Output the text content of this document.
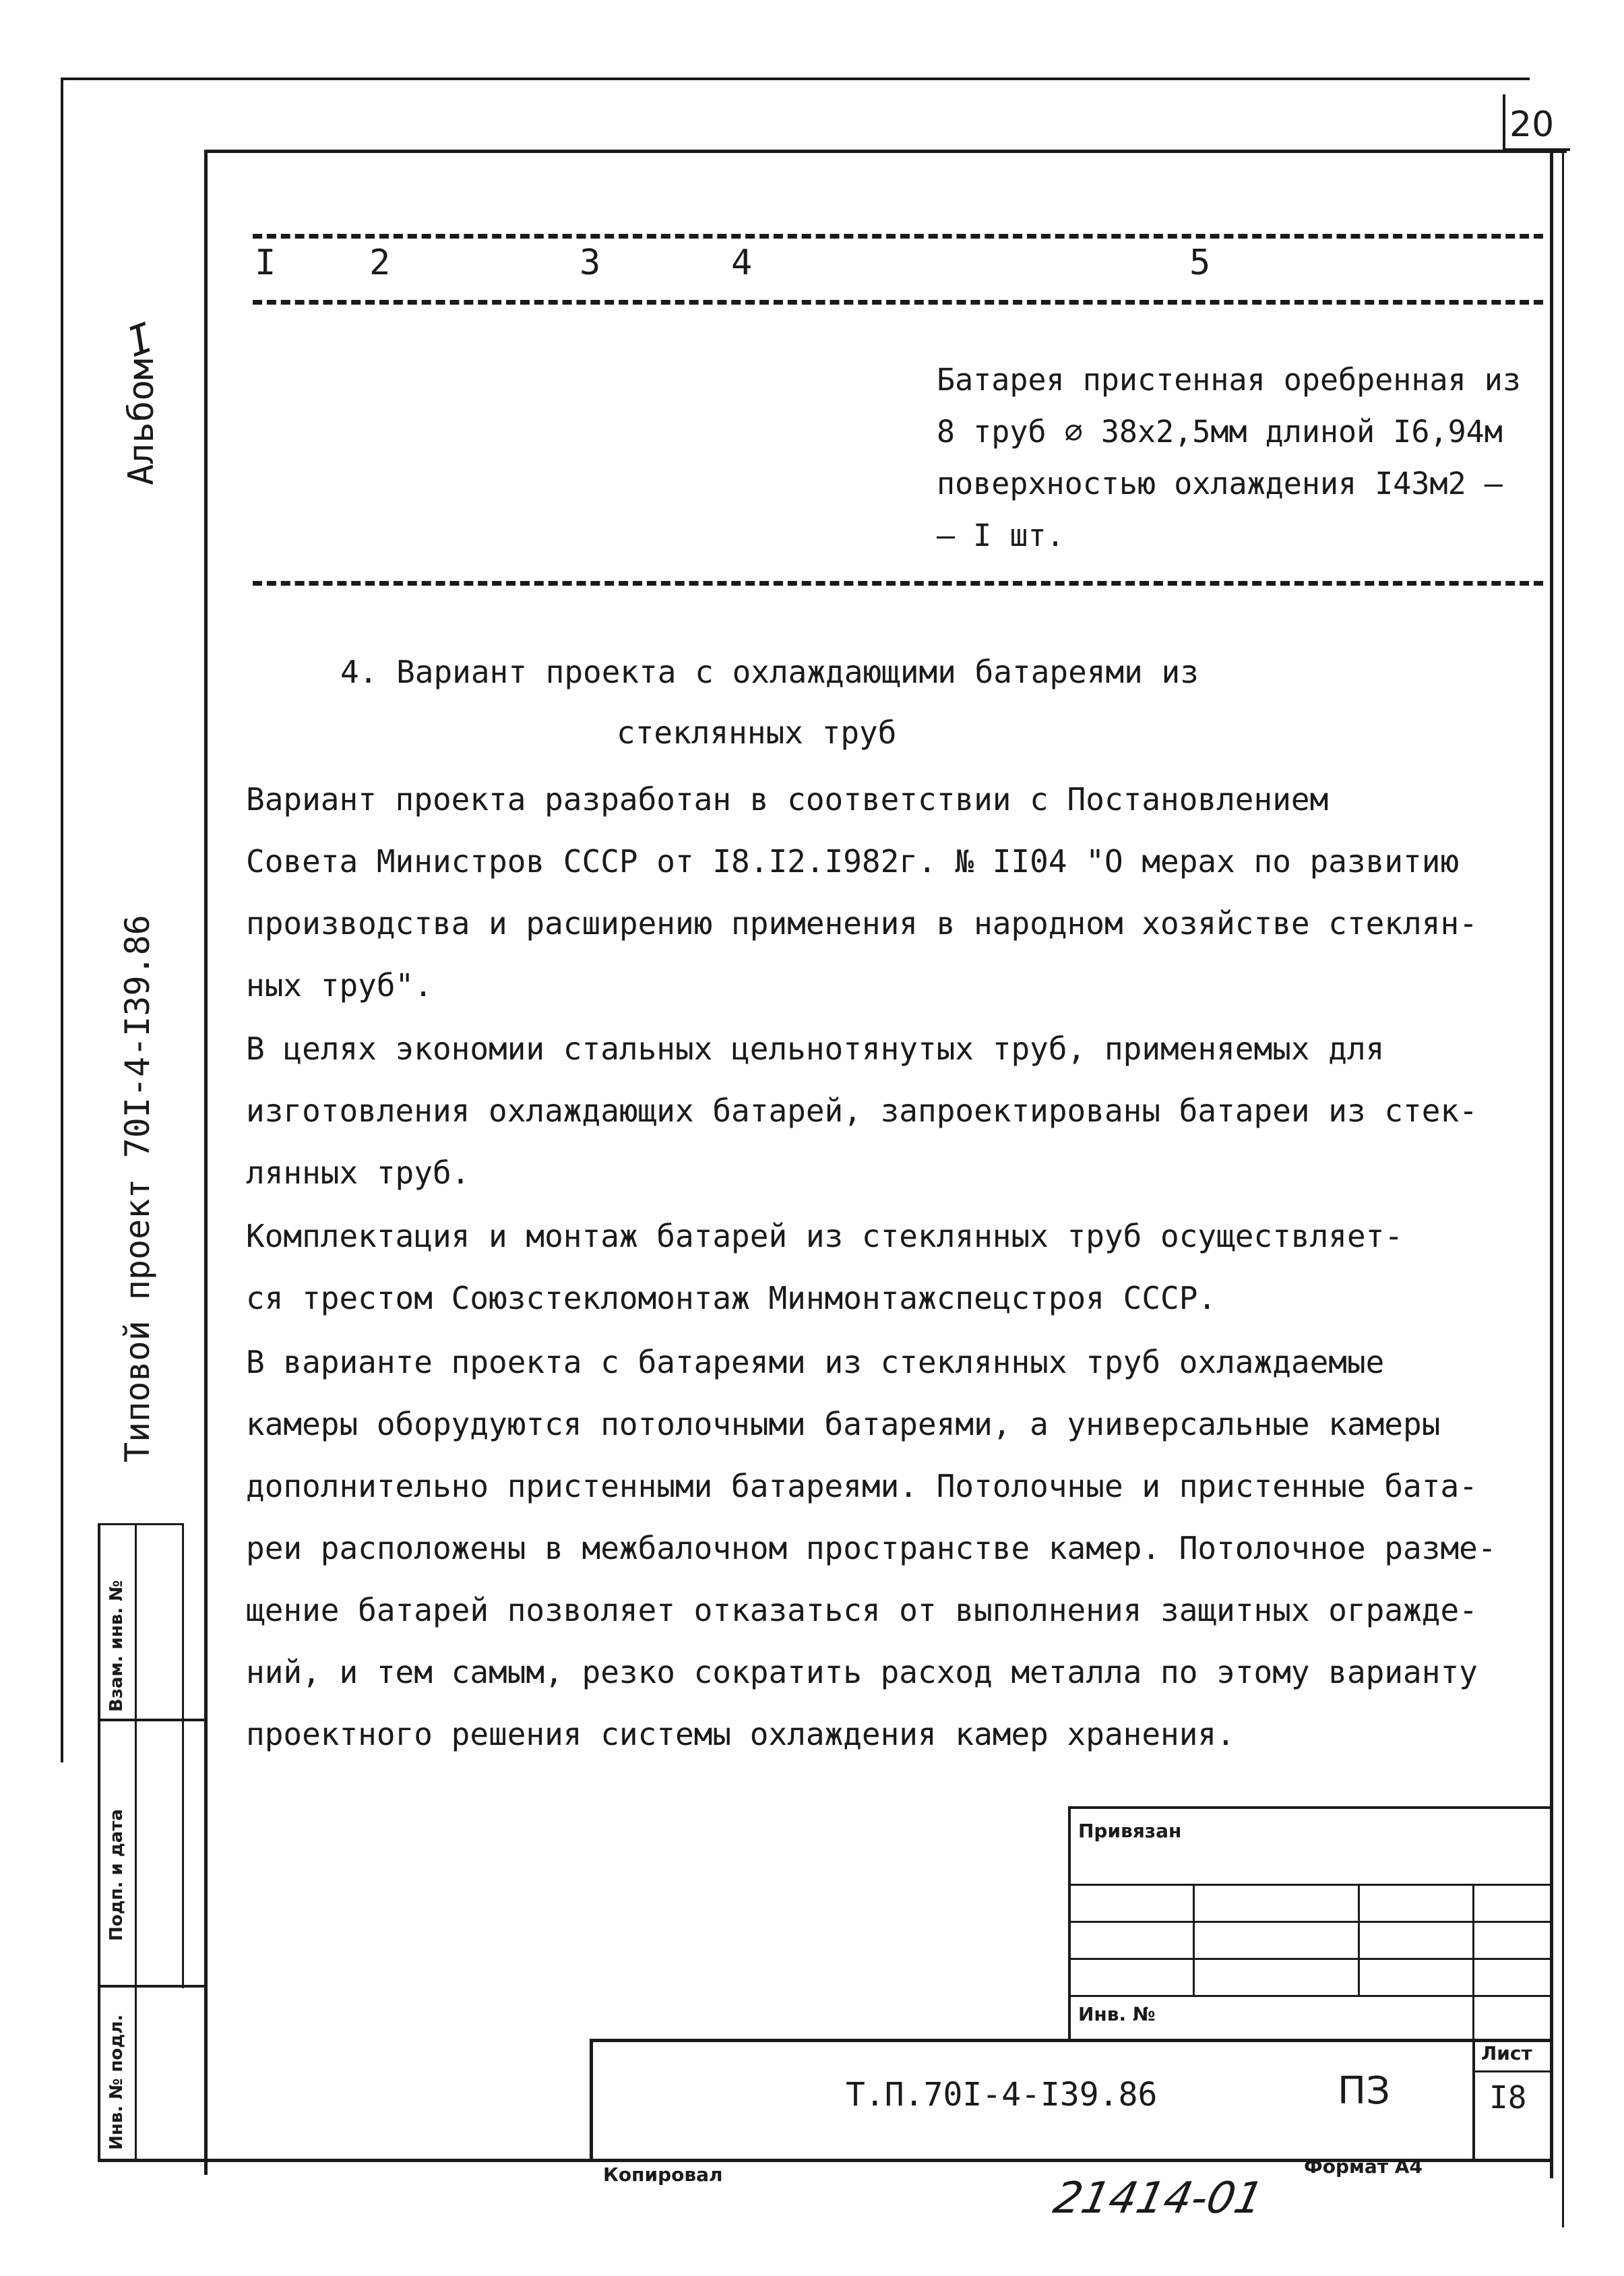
20
I	2	3	4	5
Батарея пристенная оребренная из
8 труб ⌀ 38х2,5мм длиной I6,94м
поверхностью охлаждения I43м2 –
– I шт.
4. Вариант проекта с охлаждающими батареями из
стеклянных труб
Вариант проекта разработан в соответствии с Постановлением
Совета Министров СССР от I8.I2.I982г. № II04 "О мерах по развитию
производства и расширению применения в народном хозяйстве стеклян-
ных труб".
В целях экономии стальных цельнотянутых труб, применяемых для
изготовления охлаждающих батарей, запроектированы батареи из стек-
лянных труб.
Комплектация и монтаж батарей из стеклянных труб осуществляет-
ся трестом Союзстекломонтаж Минмонтажспецстроя СССР.
В варианте проекта с батареями из стеклянных труб охлаждаемые
камеры оборудуются потолочными батареями, а универсальные камеры
дополнительно пристенными батареями. Потолочные и пристенные бата-
реи расположены в межбалочном пространстве камер. Потолочное разме-
щение батарей позволяет отказаться от выполнения защитных огражде-
ний, и тем самым, резко сократить расход металла по этому варианту
проектного решения системы охлаждения камер хранения.
Альбом
I
Типовой проект 70I-4-I39.86
Взам. инв. №
Подп. и дата
Инв. № подл.
Привязан
Инв. №
Лист
Т.П.70I-4-I39.86	ПЗ	I8
Копировал	Формат А4
21414-01
